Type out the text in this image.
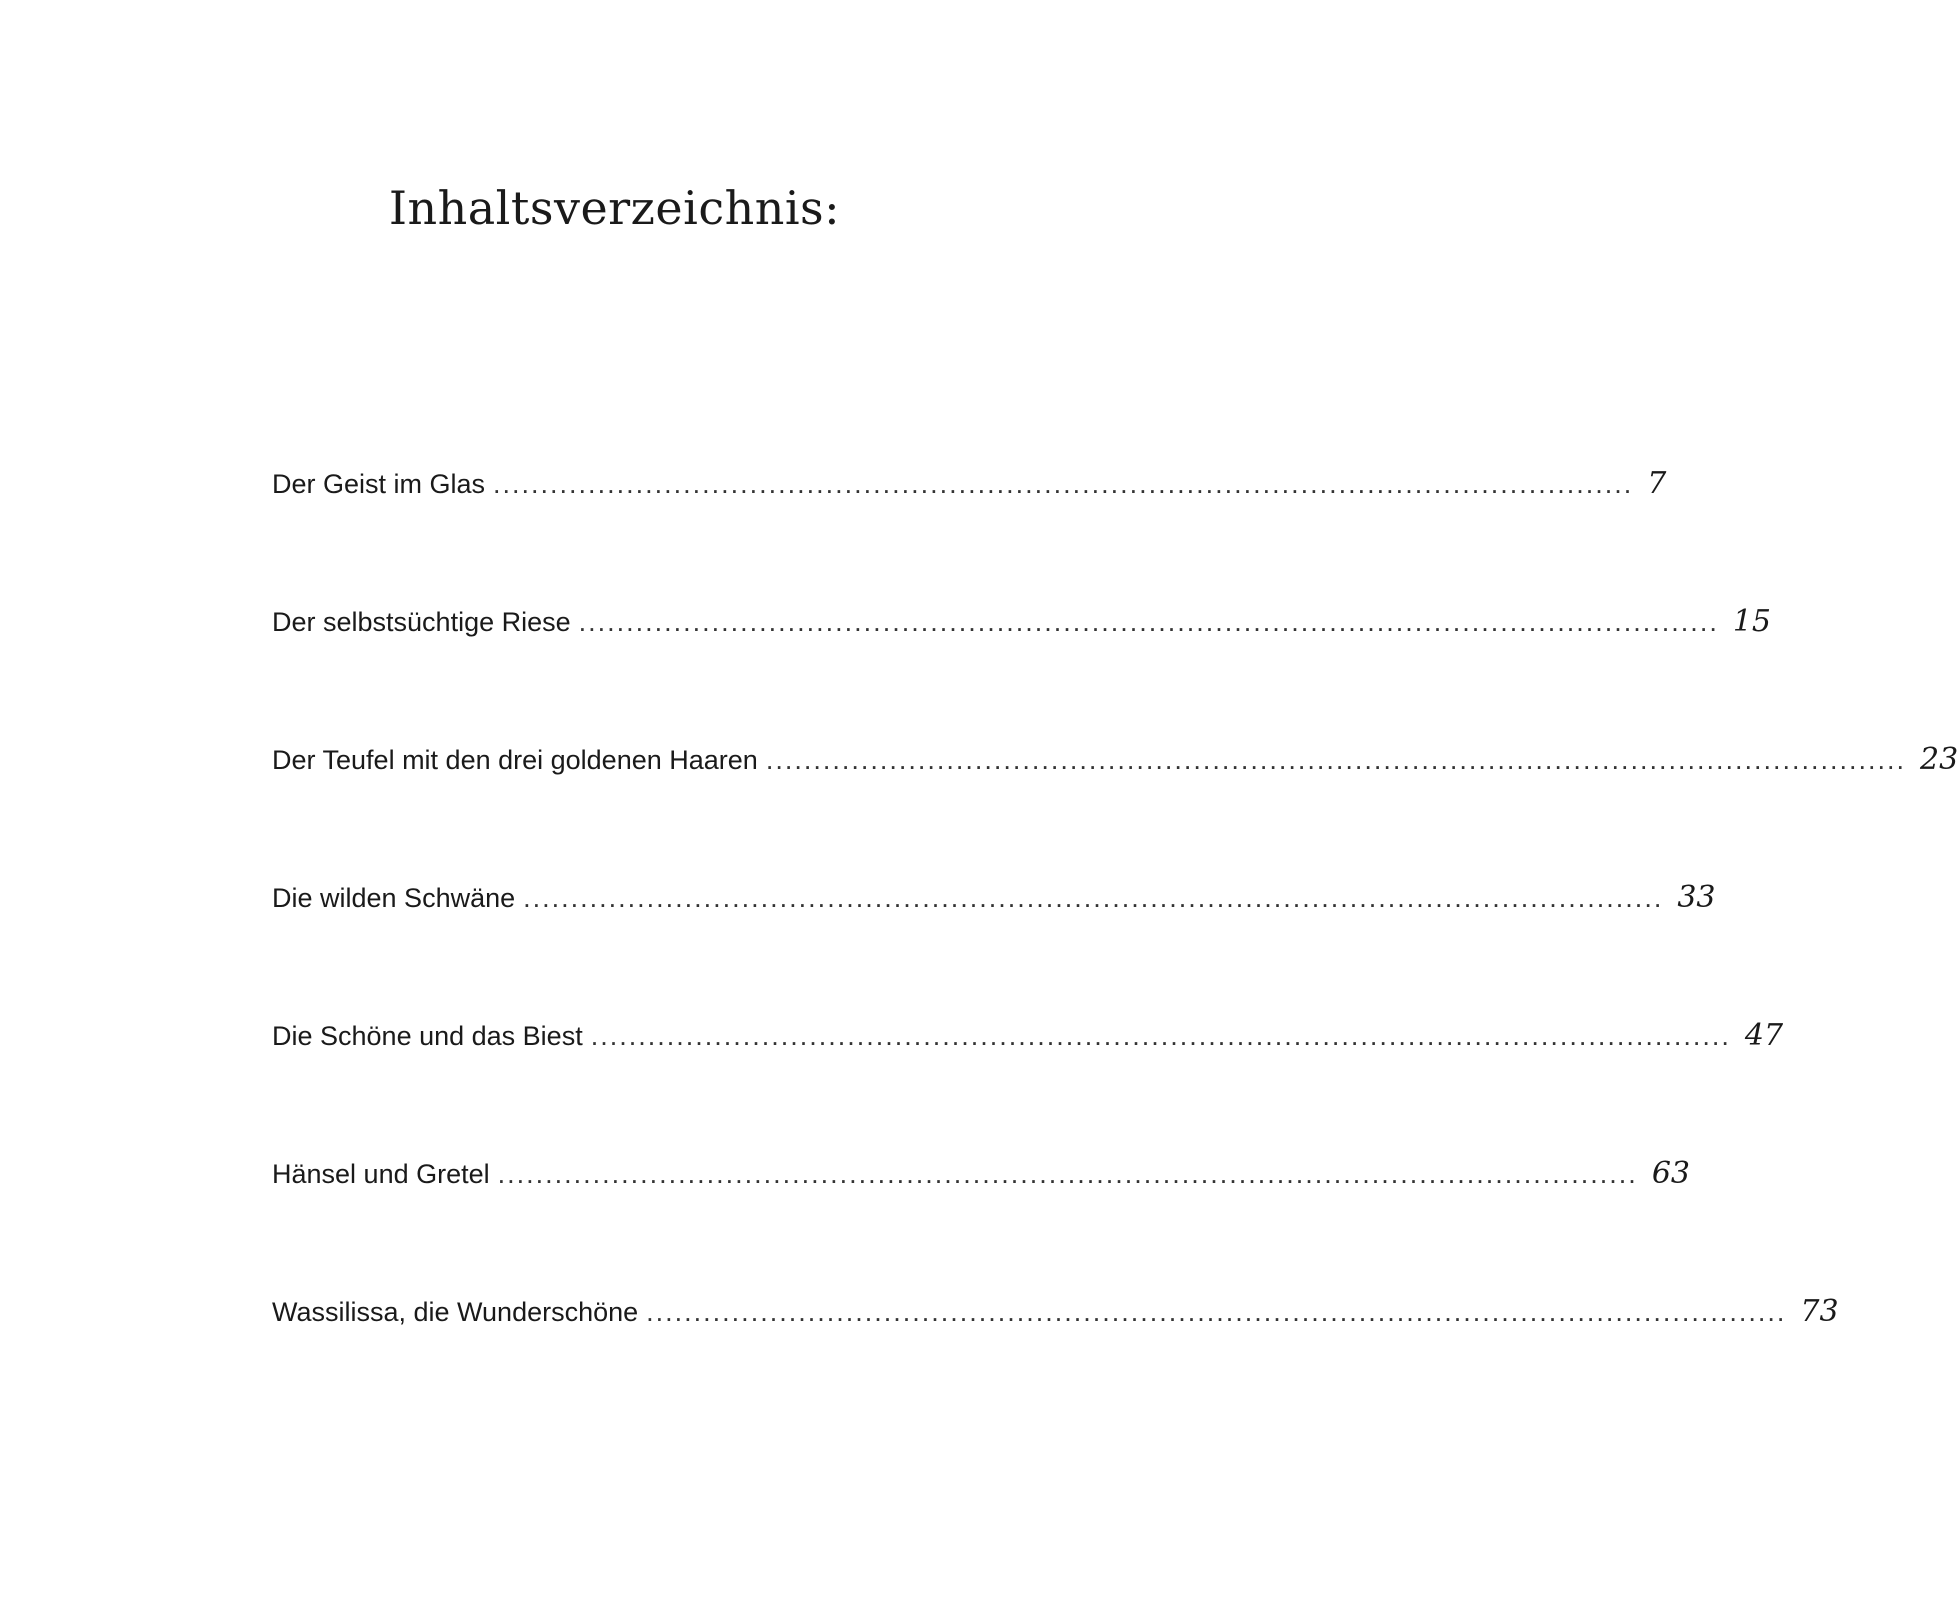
Inhaltsverzeichnis:
Der Geist im Glas ........................................................................................................................ 7
Der selbstsüchtige Riese ........................................................................................................................ 15
Der Teufel mit den drei goldenen Haaren ........................................................................................................................ 23
Die wilden Schwäne ........................................................................................................................ 33
Die Schöne und das Biest ........................................................................................................................ 47
Hänsel und Gretel ........................................................................................................................ 63
Wassilissa, die Wunderschöne ........................................................................................................................ 73
